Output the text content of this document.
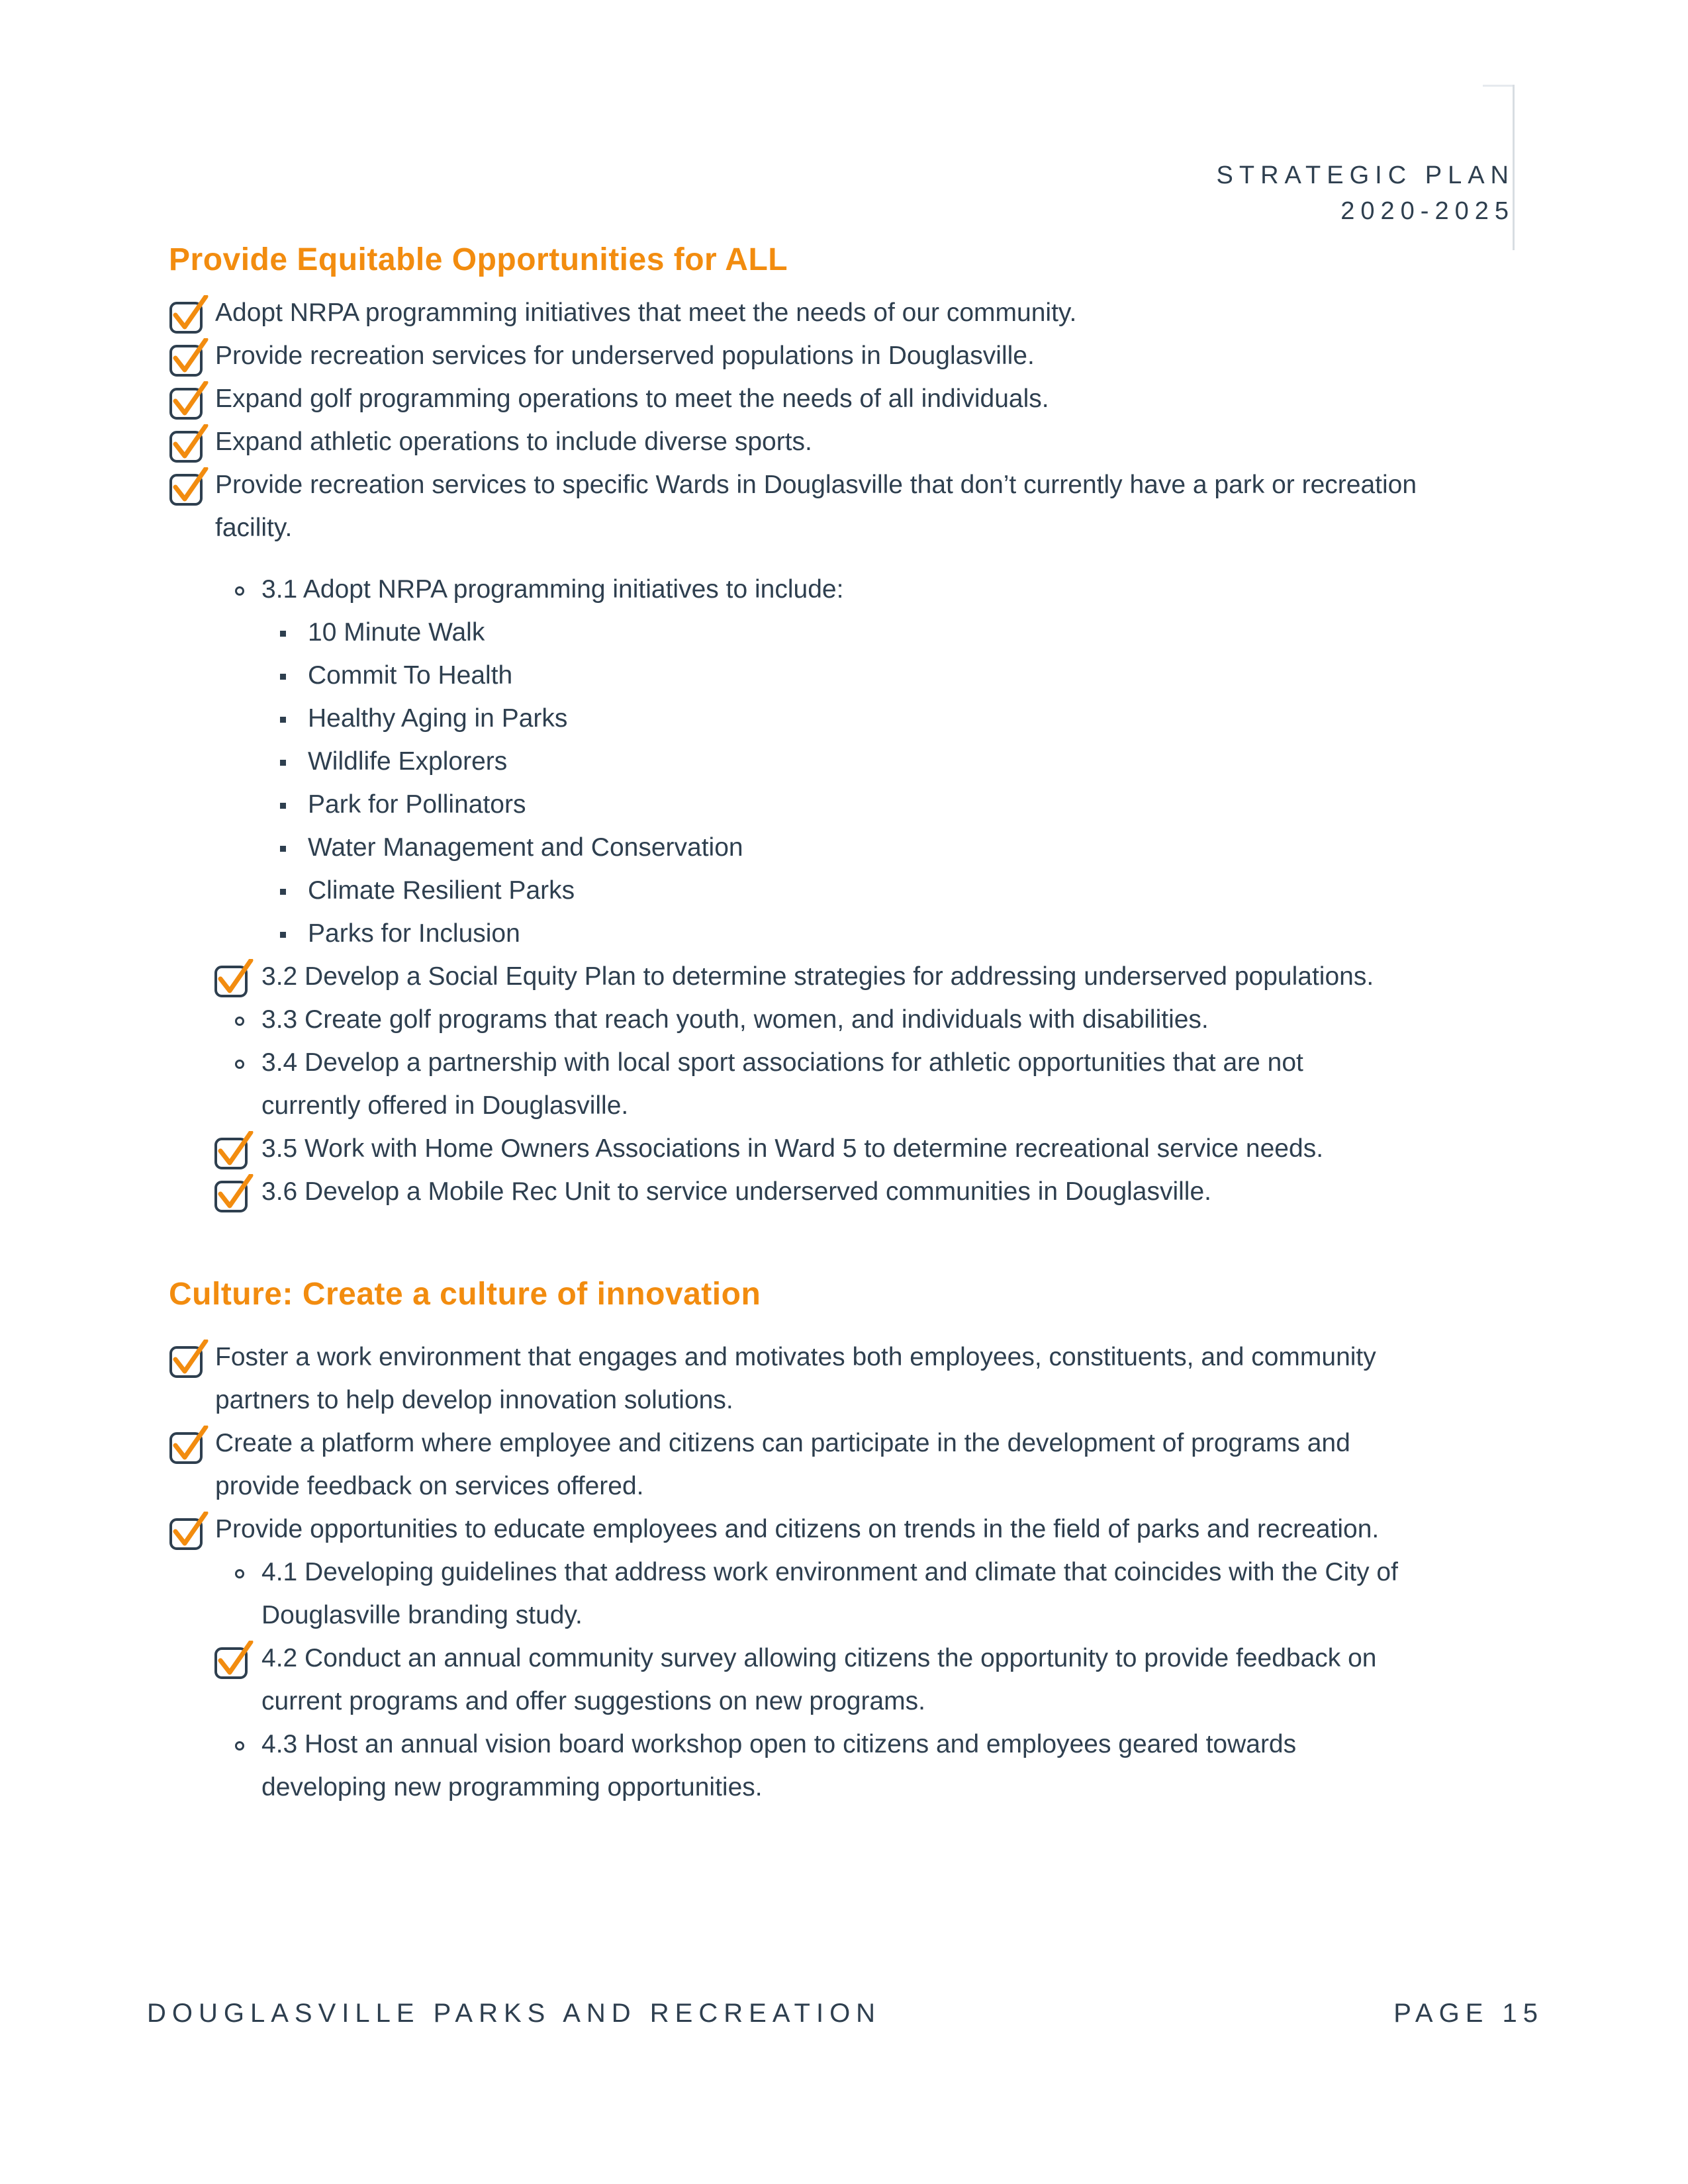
STRATEGIC PLAN
2020-2025
Provide Equitable Opportunities for ALL
Adopt NRPA programming initiatives that meet the needs of our community.
Provide recreation services for underserved populations in Douglasville.
Expand golf programming operations to meet the needs of all individuals.
Expand athletic operations to include diverse sports.
Provide recreation services to specific Wards in Douglasville that don’t currently have a park or recreation
facility.
3.1 Adopt NRPA programming initiatives to include:
10 Minute Walk
Commit To Health
Healthy Aging in Parks
Wildlife Explorers
Park for Pollinators
Water Management and Conservation
Climate Resilient Parks
Parks for Inclusion
3.2 Develop a Social Equity Plan to determine strategies for addressing underserved populations.
3.3 Create golf programs that reach youth, women, and individuals with disabilities.
3.4 Develop a partnership with local sport associations for athletic opportunities that are not
currently offered in Douglasville.
3.5 Work with Home Owners Associations in Ward 5 to determine recreational service needs.
3.6 Develop a Mobile Rec Unit to service underserved communities in Douglasville.
Culture: Create a culture of innovation
Foster a work environment that engages and motivates both employees, constituents, and community
partners to help develop innovation solutions.
Create a platform where employee and citizens can participate in the development of programs and
provide feedback on services offered.
Provide opportunities to educate employees and citizens on trends in the field of parks and recreation.
4.1 Developing guidelines that address work environment and climate that coincides with the City of
Douglasville branding study.
4.2 Conduct an annual community survey allowing citizens the opportunity to provide feedback on
current programs and offer suggestions on new programs.
4.3 Host an annual vision board workshop open to citizens and employees geared towards
developing new programming opportunities.
DOUGLASVILLE PARKS AND RECREATION	PAGE 15
